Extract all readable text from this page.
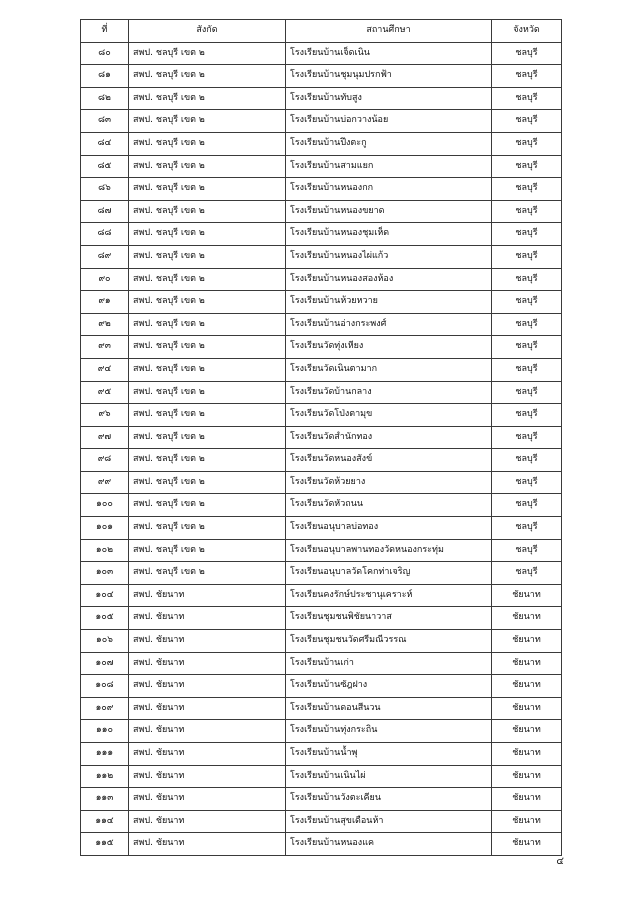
ที่	สังกัด	สถานศึกษา	จังหวัด
๘๐	สพป. ชลบุรี เขต ๒	โรงเรียนบ้านเจ็ดเนิน	ชลบุรี
๘๑	สพป. ชลบุรี เขต ๒	โรงเรียนบ้านชุมนุมปรกฟ้า	ชลบุรี
๘๒	สพป. ชลบุรี เขต ๒	โรงเรียนบ้านทับสูง	ชลบุรี
๘๓	สพป. ชลบุรี เขต ๒	โรงเรียนบ้านบ่อกวางน้อย	ชลบุรี
๘๔	สพป. ชลบุรี เขต ๒	โรงเรียนบ้านปึงตะกู	ชลบุรี
๘๕	สพป. ชลบุรี เขต ๒	โรงเรียนบ้านสามแยก	ชลบุรี
๘๖	สพป. ชลบุรี เขต ๒	โรงเรียนบ้านหนองกก	ชลบุรี
๘๗	สพป. ชลบุรี เขต ๒	โรงเรียนบ้านหนองขยาด	ชลบุรี
๘๘	สพป. ชลบุรี เขต ๒	โรงเรียนบ้านหนองชุมเห็ด	ชลบุรี
๘๙	สพป. ชลบุรี เขต ๒	โรงเรียนบ้านหนองไผ่แก้ว	ชลบุรี
๙๐	สพป. ชลบุรี เขต ๒	โรงเรียนบ้านหนองสองห้อง	ชลบุรี
๙๑	สพป. ชลบุรี เขต ๒	โรงเรียนบ้านห้วยหวาย	ชลบุรี
๙๒	สพป. ชลบุรี เขต ๒	โรงเรียนบ้านอ่างกระพงศ์	ชลบุรี
๙๓	สพป. ชลบุรี เขต ๒	โรงเรียนวัดทุ่งเหียง	ชลบุรี
๙๔	สพป. ชลบุรี เขต ๒	โรงเรียนวัดเนินตามาก	ชลบุรี
๙๕	สพป. ชลบุรี เขต ๒	โรงเรียนวัดบ้านกลาง	ชลบุรี
๙๖	สพป. ชลบุรี เขต ๒	โรงเรียนวัดโป่งตามุข	ชลบุรี
๙๗	สพป. ชลบุรี เขต ๒	โรงเรียนวัดสำนักทอง	ชลบุรี
๙๘	สพป. ชลบุรี เขต ๒	โรงเรียนวัดหนองสังข์	ชลบุรี
๙๙	สพป. ชลบุรี เขต ๒	โรงเรียนวัดห้วยยาง	ชลบุรี
๑๐๐	สพป. ชลบุรี เขต ๒	โรงเรียนวัดหัวถนน	ชลบุรี
๑๐๑	สพป. ชลบุรี เขต ๒	โรงเรียนอนุบาลบ่อทอง	ชลบุรี
๑๐๒	สพป. ชลบุรี เขต ๒	โรงเรียนอนุบาลพานทองวัดหนองกระทุ่ม	ชลบุรี
๑๐๓	สพป. ชลบุรี เขต ๒	โรงเรียนอนุบาลวัดโคกท่าเจริญ	ชลบุรี
๑๐๔	สพป. ชัยนาท	โรงเรียนคงรักษ์ประชานุเคราะห์	ชัยนาท
๑๐๕	สพป. ชัยนาท	โรงเรียนชุมชนพิชัยนาวาส	ชัยนาท
๑๐๖	สพป. ชัยนาท	โรงเรียนชุมชนวัดศรีมณีวรรณ	ชัยนาท
๑๐๗	สพป. ชัยนาท	โรงเรียนบ้านเก่า	ชัยนาท
๑๐๘	สพป. ชัยนาท	โรงเรียนบ้านซัฎฝาง	ชัยนาท
๑๐๙	สพป. ชัยนาท	โรงเรียนบ้านดอนสีนวน	ชัยนาท
๑๑๐	สพป. ชัยนาท	โรงเรียนบ้านทุ่งกระถิน	ชัยนาท
๑๑๑	สพป. ชัยนาท	โรงเรียนบ้านน้ำพุ	ชัยนาท
๑๑๒	สพป. ชัยนาท	โรงเรียนบ้านเนินไผ่	ชัยนาท
๑๑๓	สพป. ชัยนาท	โรงเรียนบ้านวังตะเคียน	ชัยนาท
๑๑๔	สพป. ชัยนาท	โรงเรียนบ้านสุขเดือนห้า	ชัยนาท
๑๑๕	สพป. ชัยนาท	โรงเรียนบ้านหนองแค	ชัยนาท
๔
